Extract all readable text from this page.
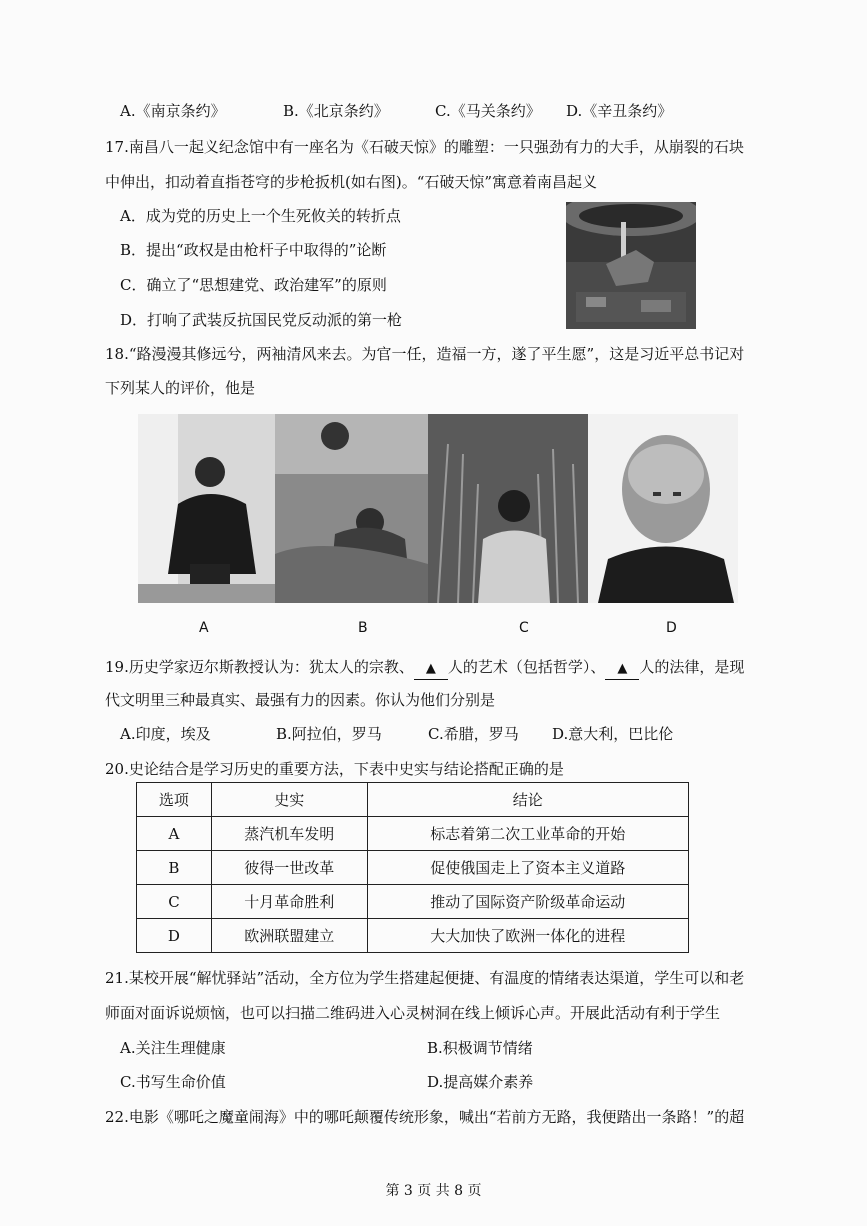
A.《南京条约》	B.《北京条约》	C.《马关条约》 D.《辛丑条约》
17.南昌八一起义纪念馆中有一座名为《石破天惊》的雕塑：一只强劲有力的大手，从崩裂的石块
中伸出，扣动着直指苍穹的步枪扳机(如右图)。“石破天惊”寓意着南昌起义
A．成为党的历史上一个生死攸关的转折点
B．提出“政权是由枪杆子中取得的”论断
C．确立了“思想建党、政治建军”的原则
D．打响了武装反抗国民党反动派的第一枪
18.“路漫漫其修远兮，两袖清风来去。为官一任，造福一方，遂了平生愿”，这是习近平总书记对
下列某人的评价，他是
A	B	C	D
19.历史学家迈尔斯教授认为：犹太人的宗教、 ▲ 人的艺术（包括哲学）、 ▲ 人的法律，是现
代文明里三种最真实、最强有力的因素。你认为他们分别是
A.印度，埃及	B.阿拉伯，罗马	C.希腊，罗马 D.意大利，巴比伦
20.史论结合是学习历史的重要方法，下表中史实与结论搭配正确的是
选项	史实	结论
A	蒸汽机车发明	标志着第二次工业革命的开始
B	彼得一世改革	促使俄国走上了资本主义道路
C	十月革命胜利	推动了国际资产阶级革命运动
D	欧洲联盟建立	大大加快了欧洲一体化的进程
21.某校开展“解忧驿站”活动，全方位为学生搭建起便捷、有温度的情绪表达渠道，学生可以和老
师面对面诉说烦恼，也可以扫描二维码进入心灵树洞在线上倾诉心声。开展此活动有利于学生
A.关注生理健康	B.积极调节情绪
C.书写生命价值	D.提高媒介素养
22.电影《哪吒之魔童闹海》中的哪吒颠覆传统形象，喊出“若前方无路，我便踏出一条路！”的超
第 3 页 共 8 页
